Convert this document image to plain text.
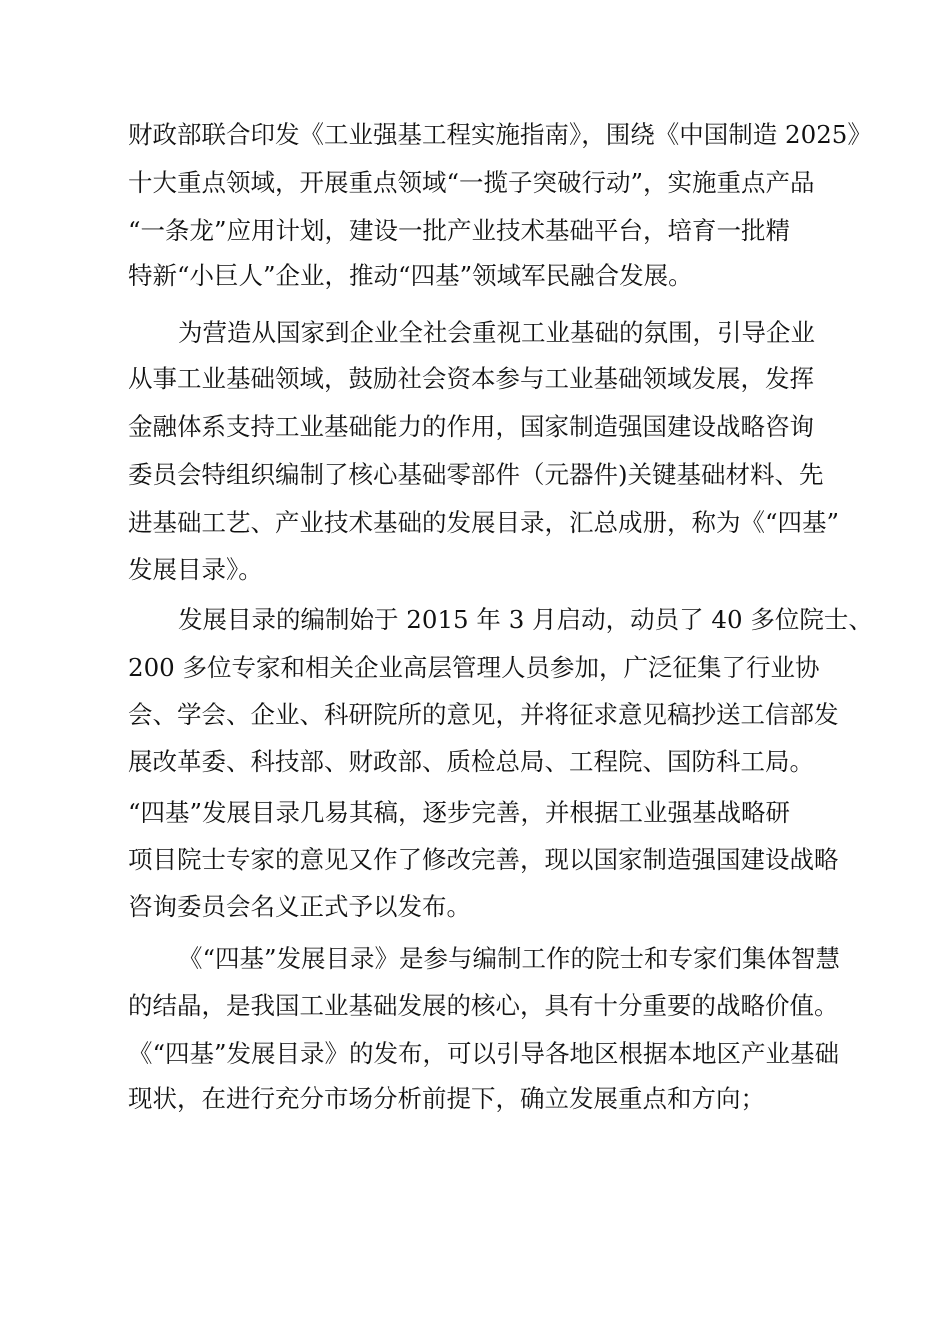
财政部联合印发《工业强基工程实施指南》，围绕《中国制造 2025》
十大重点领域，开展重点领域“一揽子突破行动”，实施重点产品
“一条龙”应用计划，建设一批产业技术基础平台，培育一批精
特新“小巨人”企业，推动“四基”领域军民融合发展。
为营造从国家到企业全社会重视工业基础的氛围，引导企业
从事工业基础领域，鼓励社会资本参与工业基础领域发展，发挥
金融体系支持工业基础能力的作用，国家制造强国建设战略咨询
委员会特组织编制了核心基础零部件（元器件)关键基础材料、先
进基础工艺、产业技术基础的发展目录，汇总成册，称为《“四基”
发展目录》。
发展目录的编制始于 2015 年 3 月启动，动员了 40 多位院士、
200 多位专家和相关企业高层管理人员参加，广泛征集了行业协
会、学会、企业、科研院所的意见，并将征求意见稿抄送工信部发
展改革委、科技部、财政部、质检总局、工程院、国防科工局。
“四基”发展目录几易其稿，逐步完善，并根据工业强基战略研
项目院士专家的意见又作了修改完善，现以国家制造强国建设战略
咨询委员会名义正式予以发布。
《“四基”发展目录》是参与编制工作的院士和专家们集体智慧
的结晶，是我国工业基础发展的核心，具有十分重要的战略价值。
《“四基”发展目录》的发布，可以引导各地区根据本地区产业基础
现状，在进行充分市场分析前提下，确立发展重点和方向；
